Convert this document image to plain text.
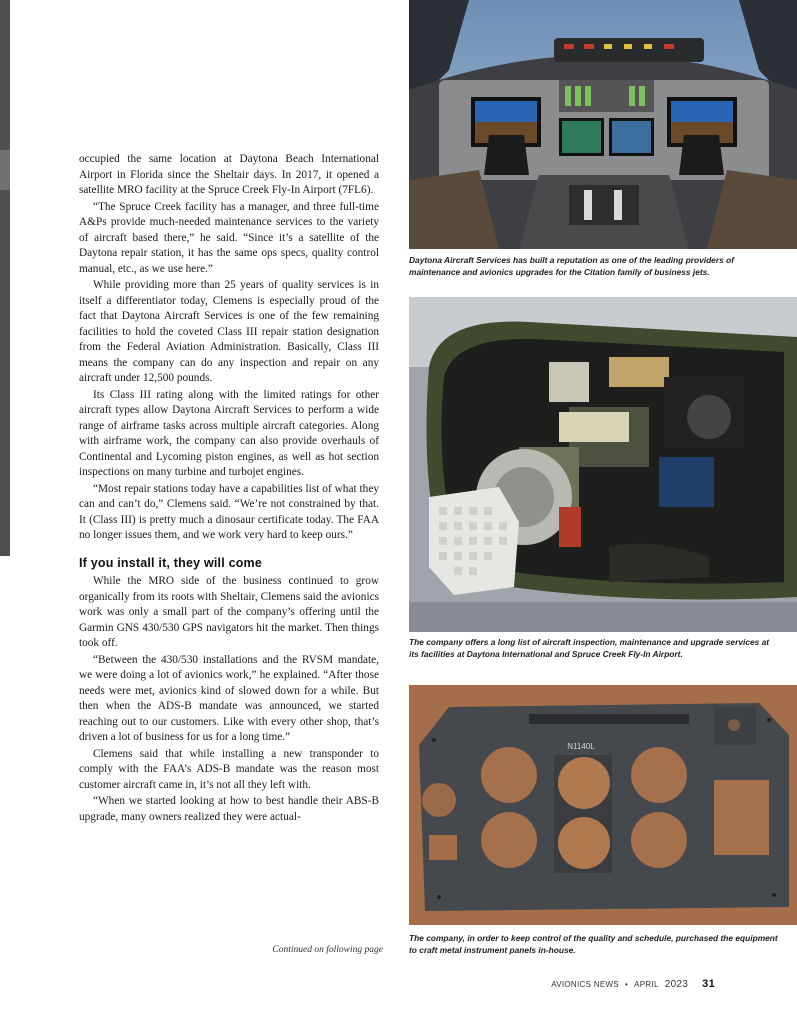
occupied the same location at Daytona Beach International Airport in Florida since the Sheltair days. In 2017, it opened a satellite MRO facility at the Spruce Creek Fly-In Airport (7FL6).

“The Spruce Creek facility has a manager, and three full-time A&Ps provide much-needed maintenance services to the variety of aircraft based there,” he said. “Since it’s a satellite of the Daytona repair station, it has the same ops specs, quality control manual, etc., as we use here.”

While providing more than 25 years of quality services is in itself a differentiator today, Clemens is especially proud of the fact that Daytona Aircraft Services is one of the few remaining facilities to hold the coveted Class III repair station designation from the Federal Aviation Administration. Basically, Class III means the company can do any inspection and repair on any aircraft under 12,500 pounds.

Its Class III rating along with the limited ratings for other aircraft types allow Daytona Aircraft Services to perform a wide range of airframe tasks across multiple aircraft categories. Along with airframe work, the company can also provide overhauls of Continental and Lycoming piston engines, as well as hot section inspections on many turbine and turbojet engines.

“Most repair stations today have a capabilities list of what they can and can’t do,” Clemens said. “We’re not constrained by that. It (Class III) is pretty much a dinosaur certificate today. The FAA no longer issues them, and we work very hard to keep ours.”

If you install it, they will come

While the MRO side of the business continued to grow organically from its roots with Sheltair, Clemens said the avionics work was only a small part of the company’s offering until the Garmin GNS 430/530 GPS navigators hit the market. Then things took off.

“Between the 430/530 installations and the RVSM mandate, we were doing a lot of avionics work,” he explained. “After those needs were met, avionics kind of slowed down for a while. But then when the ADS-B mandate was announced, we started reaching out to our customers. Like with every other shop, that’s driven a lot of business for us for a long time.”

Clemens said that while installing a new transponder to comply with the FAA’s ADS-B mandate was the reason most customer aircraft came in, it’s not all they left with.

“When we started looking at how to best handle their ABS-B upgrade, many owners realized they were actual-

Continued on following page
Daytona Aircraft Services has built a reputation as one of the leading providers of maintenance and avionics upgrades for the Citation family of business jets.
The company offers a long list of aircraft inspection, maintenance and upgrade services at its facilities at Daytona International and Spruce Creek Fly-In Airport.
N1140L
The company, in order to keep control of the quality and schedule, purchased the equipment to craft metal instrument panels in-house.
AVIONICS NEWS • APRIL 2023 31
